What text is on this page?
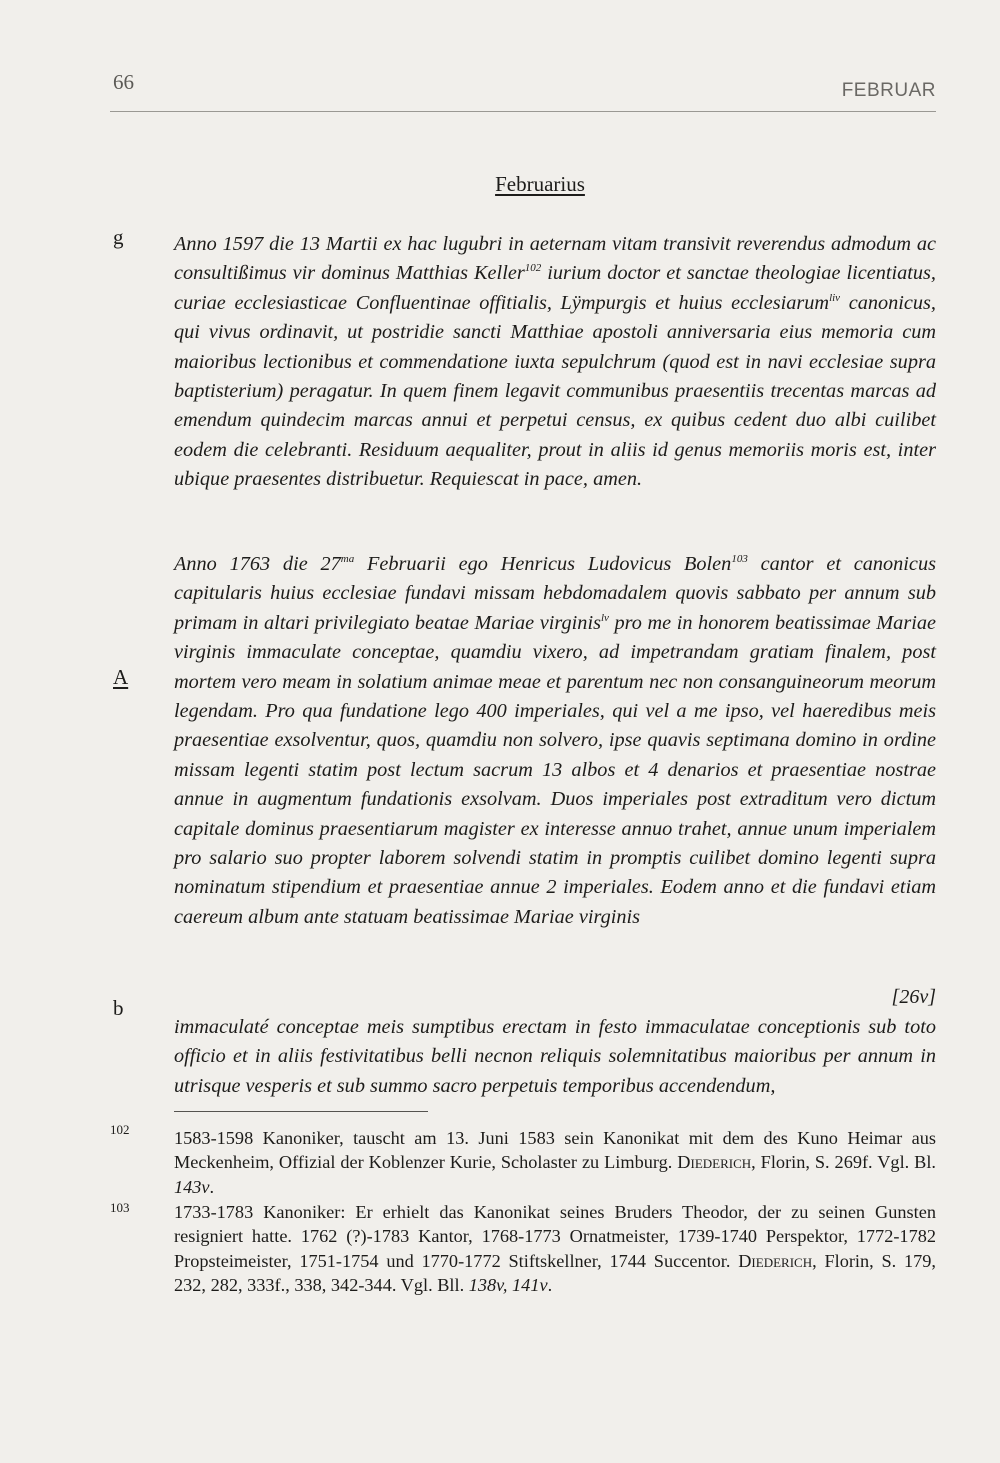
66	FEBRUAR
Februarius
g Anno 1597 die 13 Martii ex hac lugubri in aeternam vitam transivit reverendus admodum ac consultißimus vir dominus Matthias Keller$^{102}$ iurium doctor et sanctae theologiae licentiatus, curiae ecclesiasticae Confluentinae offitialis, Lÿmpurgis et huius ecclesiarum$^{liv}$ canonicus, qui vivus ordinavit, ut postridie sancti Matthiae apostoli anniversaria eius memoria cum maioribus lectionibus et commendatione iuxta sepulchrum (quod est in navi ecclesiae supra baptisterium) peragatur. In quem finem legavit communibus praesentiis trecentas marcas ad emendum quindecim marcas annui et perpetui census, ex quibus cedent duo albi cuilibet eodem die celebranti. Residuum aequaliter, prout in aliis id genus memoriis moris est, inter ubique praesentes distribuetur. Requiescat in pace, amen.

Anno 1763 die $27^{ma}$ Februarii ego Henricus Ludovicus Bolen$^{103}$ cantor et canonicus capitularis huius ecclesiae fundavi missam hebdomadalem quovis sabbato per annum sub primam in altari privilegiato beatae Mariae virginis$^{lv}$ pro me in honorem beatissimae Mariae virginis immaculate conceptae, quamdiu vixero, ad impetrandam gratiam finalem, post mortem vero meam in solatium animae meae et parentum nec non consanguineorum meorum legendam. Pro qua fundatione lego 400 imperiales, qui vel a me ipso, vel haeredibus meis praesentiae exsolventur, quos, quamdiu non solvero, ipse quavis septimana domino in ordine missam legenti statim post lectum sacrum 13 albos et 4 denarios et praesentiae nostrae annue in augmentum fundationis exsolvam. Duos imperiales post extraditum vero dictum capitale dominus praesentiarum magister ex interesse annuo trahet, annue unum imperialem pro salario suo propter laborem solvendi statim in promptis cuilibet domino legenti supra nominatum stipendium et praesentiae annue 2 imperiales. Eodem anno et die fundavi etiam caereum album ante statuam beatissimae Mariae virginis

A
[26v]
b

immaculaté conceptae meis sumptibus erectam in festo immaculatae conceptionis sub toto officio et in aliis festivitatibus belli necnon reliquis solemnitatibus maioribus per annum in utrisque vesperis et sub summo sacro perpetuis temporibus accendendum,

102 1583-1598 Kanoniker, tauscht am 13. Juni 1583 sein Kanonikat mit dem des Kuno Heimar aus Meckenheim, Offizial der Koblenzer Kurie, Scholaster zu Limburg. Diederich, Florin, S. 269f. Vgl. Bl. 143v.

103 1733-1783 Kanoniker: Er erhielt das Kanonikat seines Bruders Theodor, der zu seinen Gunsten resigniert hatte. 1762 (?)-1783 Kantor, 1768-1773 Ornatmeister, 1739-1740 Perspektor, 1772-1782 Propsteimeister, 1751-1754 und 1770-1772 Stiftskellner, 1744 Succentor. Diederich, Florin, S. 179, 232, 282, 333f., 338, 342-344. Vgl. Bll. 138v, 141v.
